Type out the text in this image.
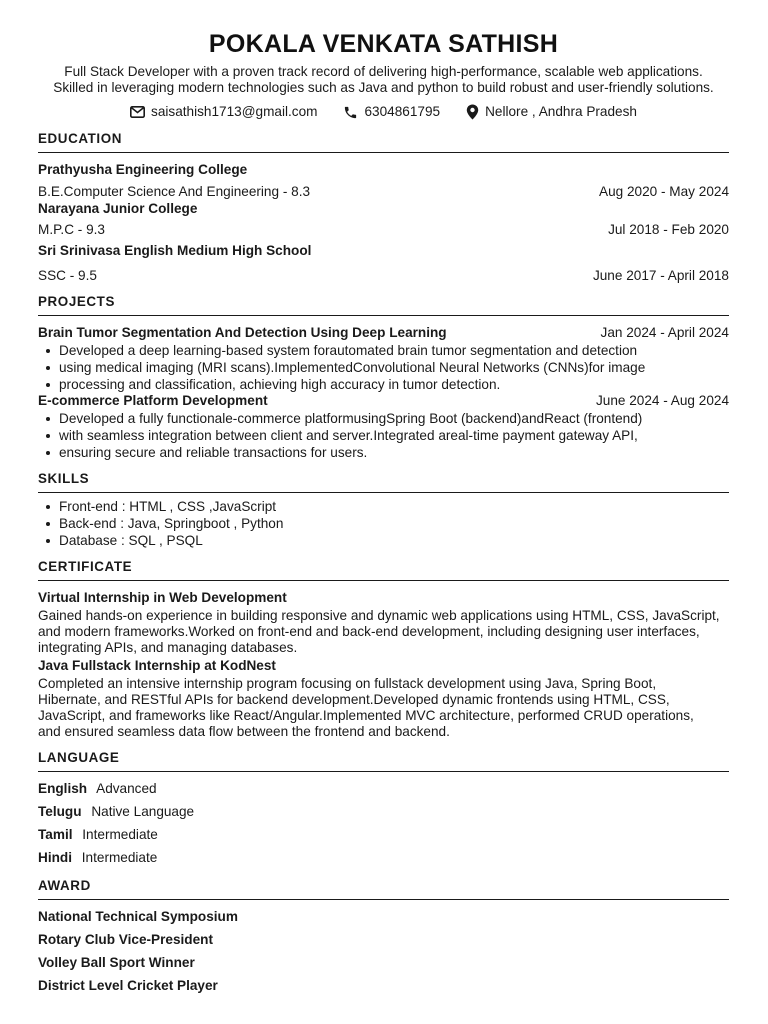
POKALA VENKATA SATHISH
Full Stack Developer with a proven track record of delivering high-performance, scalable web applications.
Skilled in leveraging modern technologies such as Java and python to build robust and user-friendly solutions.
saisathish1713@gmail.com	6304861795	Nellore , Andhra Pradesh
EDUCATION
Prathyusha Engineering College
B.E.Computer Science And Engineering - 8.3	Aug 2020 - May 2024
Narayana Junior College
M.P.C - 9.3	Jul 2018 - Feb 2020
Sri Srinivasa English Medium High School
SSC - 9.5	June 2017 - April 2018
PROJECTS
Brain Tumor Segmentation And Detection Using Deep Learning	Jan 2024 - April 2024
Developed a deep learning-based system forautomated brain tumor segmentation and detection
using medical imaging (MRI scans).ImplementedConvolutional Neural Networks (CNNs)for image
processing and classification, achieving high accuracy in tumor detection.
E-commerce Platform Development	June 2024 - Aug 2024
Developed a fully functionale-commerce platformusingSpring Boot (backend)andReact (frontend)
with seamless integration between client and server.Integrated areal-time payment gateway API,
ensuring secure and reliable transactions for users.
SKILLS
Front-end : HTML , CSS ,JavaScript
Back-end : Java, Springboot , Python
Database : SQL , PSQL
CERTIFICATE
Virtual Internship in Web Development
Gained hands-on experience in building responsive and dynamic web applications using HTML, CSS, JavaScript,
and modern frameworks.Worked on front-end and back-end development, including designing user interfaces,
integrating APIs, and managing databases.
Java Fullstack Internship at KodNest
Completed an intensive internship program focusing on fullstack development using Java, Spring Boot,
Hibernate, and RESTful APIs for backend development.Developed dynamic frontends using HTML, CSS,
JavaScript, and frameworks like React/Angular.Implemented MVC architecture, performed CRUD operations,
and ensured seamless data flow between the frontend and backend.
LANGUAGE
English Advanced
Telugu Native Language
Tamil Intermediate
Hindi Intermediate
AWARD
National Technical Symposium
Rotary Club Vice-President
Volley Ball Sport Winner
District Level Cricket Player
